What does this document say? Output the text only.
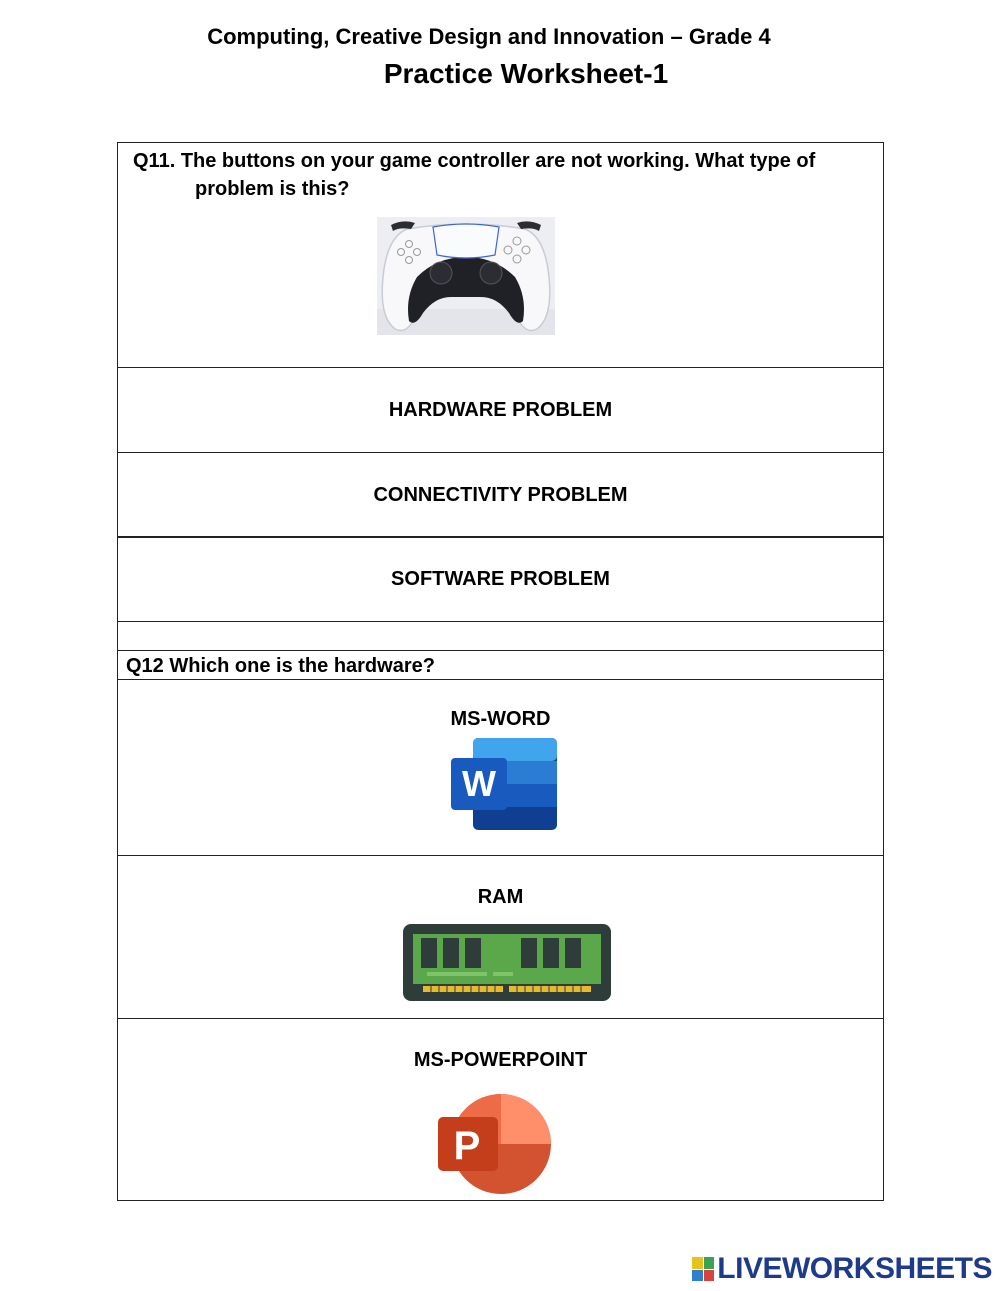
Computing, Creative Design and Innovation – Grade 4
Practice Worksheet-1
Q11. The buttons on your game controller are not working. What type of
problem is this?
HARDWARE PROBLEM
CONNECTIVITY PROBLEM
SOFTWARE PROBLEM
Q12 Which one is the hardware?
MS-WORD
W
RAM
MS-POWERPOINT
P
LIVEWORKSHEETS
